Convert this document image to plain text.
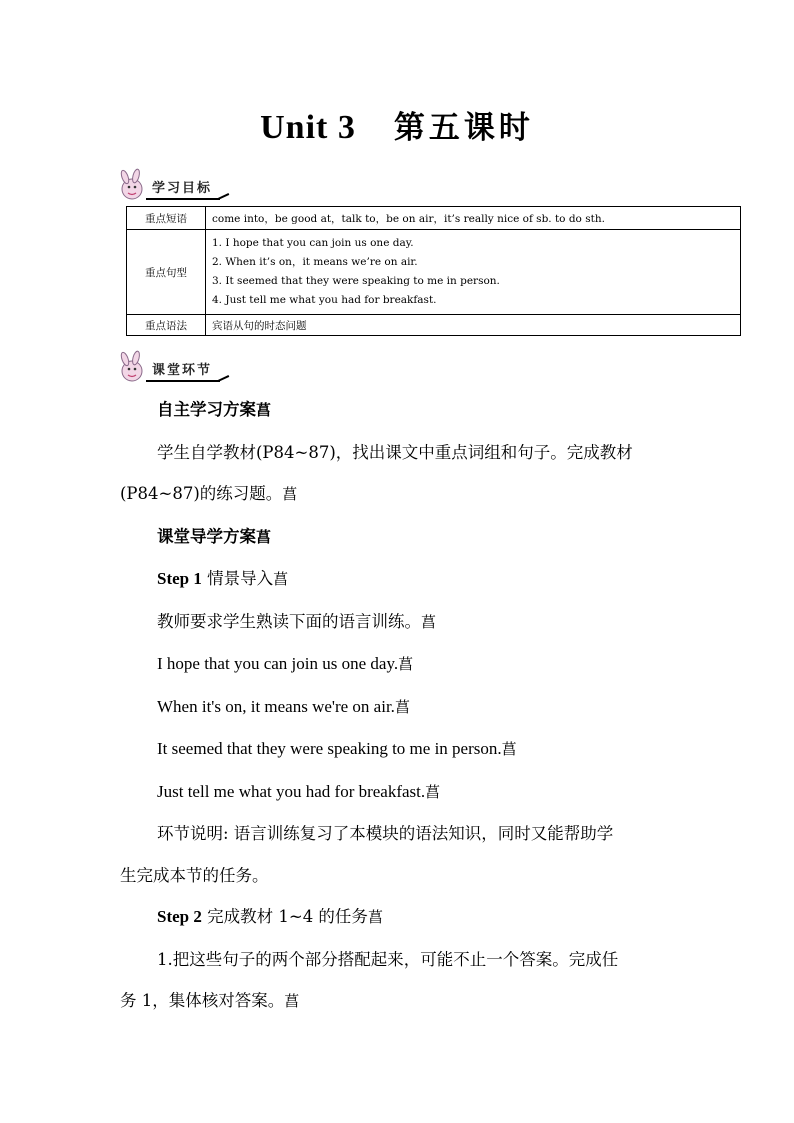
Unit 3 第五课时
学习目标
重点短语	come into，be good at，talk to，be on air，it’s really nice of sb. to do sth.
重点句型	1. I hope that you can join us one day.
2. When it’s on，it means we’re on air.
3. It seemed that they were speaking to me in person.
4. Just tell me what you had for breakfast.

重点语法	宾语从句的时态问题
课堂环节

自主学习方案菖

学生自学教材(P84~87)，找出课文中重点词组和句子。完成教材

(P84~87)的练习题。菖

课堂导学方案菖

Step 1 情景导入菖

教师要求学生熟读下面的语言训练。菖

I hope that you can join us one day.菖

When it's on, it means we're on air.菖

It seemed that they were speaking to me in person.菖

Just tell me what you had for breakfast.菖

环节说明: 语言训练复习了本模块的语法知识，同时又能帮助学

生完成本节的任务。

Step 2 完成教材 1~4 的任务菖

1.把这些句子的两个部分搭配起来，可能不止一个答案。完成任

务 1，集体核对答案。菖
